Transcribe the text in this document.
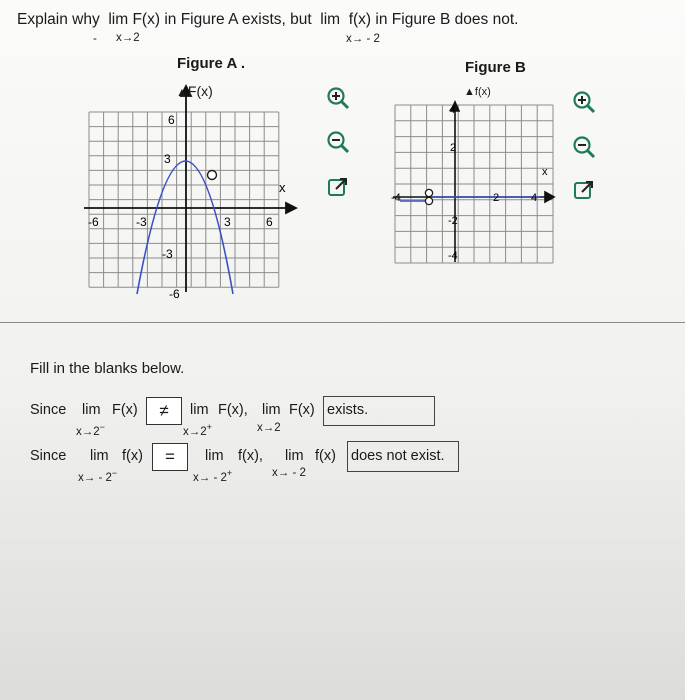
Explain why lim F(x) in Figure A exists, but lim f(x) in Figure B does not.
- x→2	x→ - 2
Figure A .
6
3
-3
-6
-6	-3	3	6
x
▲F(x)
Figure B
4
2
-2
-4
-4	2	4
x
▲f(x)
Fill in the blanks below.
Since lim F(x)	≠	lim F(x), lim F(x) exists.
x→2−	x→2+	x→2
Since lim f(x)	=	lim f(x), lim f(x) does not exist.
x→ - 2−	x→ - 2+	x→ - 2
